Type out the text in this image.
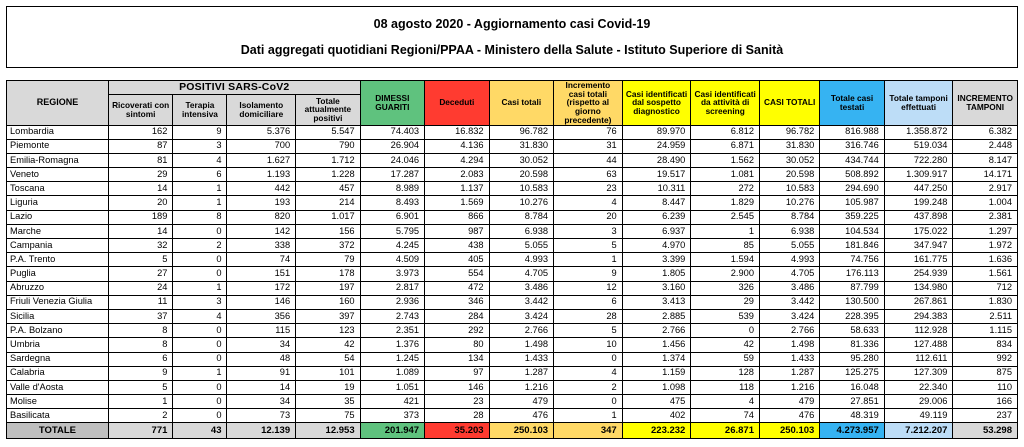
08 agosto 2020 - Aggiornamento casi Covid-19
Dati aggregati quotidiani Regioni/PPAA - Ministero della Salute - Istituto Superiore di Sanità
REGIONE	POSITIVI SARS-CoV2				DIMESSI GUARITI	Deceduti	Casi totali	Incremento casi totali (rispetto al giorno precedente)	Casi identificati dal sospetto diagnostico	Casi identificati da attività di screening	CASI TOTALI	Totale casi testati	Totale tamponi effettuati	INCREMENTO TAMPONI
	Ricoverati con sintomi	Terapia intensiva	Isolamento domiciliare	Totale attualmente positivi										
Lombardia	162	9	5.376	5.547	74.403	16.832	96.782	76	89.970	6.812	96.782	816.988	1.358.872	6.382
Piemonte	87	3	700	790	26.904	4.136	31.830	31	24.959	6.871	31.830	316.746	519.034	2.448
Emilia-Romagna	81	4	1.627	1.712	24.046	4.294	30.052	44	28.490	1.562	30.052	434.744	722.280	8.147
Veneto	29	6	1.193	1.228	17.287	2.083	20.598	63	19.517	1.081	20.598	508.892	1.309.917	14.171
Toscana	14	1	442	457	8.989	1.137	10.583	23	10.311	272	10.583	294.690	447.250	2.917
Liguria	20	1	193	214	8.493	1.569	10.276	4	8.447	1.829	10.276	105.987	199.248	1.004
Lazio	189	8	820	1.017	6.901	866	8.784	20	6.239	2.545	8.784	359.225	437.898	2.381
Marche	14	0	142	156	5.795	987	6.938	3	6.937	1	6.938	104.534	175.022	1.297
Campania	32	2	338	372	4.245	438	5.055	5	4.970	85	5.055	181.846	347.947	1.972
P.A. Trento	5	0	74	79	4.509	405	4.993	1	3.399	1.594	4.993	74.756	161.775	1.636
Puglia	27	0	151	178	3.973	554	4.705	9	1.805	2.900	4.705	176.113	254.939	1.561
Abruzzo	24	1	172	197	2.817	472	3.486	12	3.160	326	3.486	87.799	134.980	712
Friuli Venezia Giulia	11	3	146	160	2.936	346	3.442	6	3.413	29	3.442	130.500	267.861	1.830
Sicilia	37	4	356	397	2.743	284	3.424	28	2.885	539	3.424	228.395	294.383	2.511
P.A. Bolzano	8	0	115	123	2.351	292	2.766	5	2.766	0	2.766	58.633	112.928	1.115
Umbria	8	0	34	42	1.376	80	1.498	10	1.456	42	1.498	81.336	127.488	834
Sardegna	6	0	48	54	1.245	134	1.433	0	1.374	59	1.433	95.280	112.611	992
Calabria	9	1	91	101	1.089	97	1.287	4	1.159	128	1.287	125.275	127.309	875
Valle d'Aosta	5	0	14	19	1.051	146	1.216	2	1.098	118	1.216	16.048	22.340	110
Molise	1	0	34	35	421	23	479	0	475	4	479	27.851	29.006	166
Basilicata	2	0	73	75	373	28	476	1	402	74	476	48.319	49.119	237
TOTALE	771	43	12.139	12.953	201.947	35.203	250.103	347	223.232	26.871	250.103	4.273.957	7.212.207	53.298
